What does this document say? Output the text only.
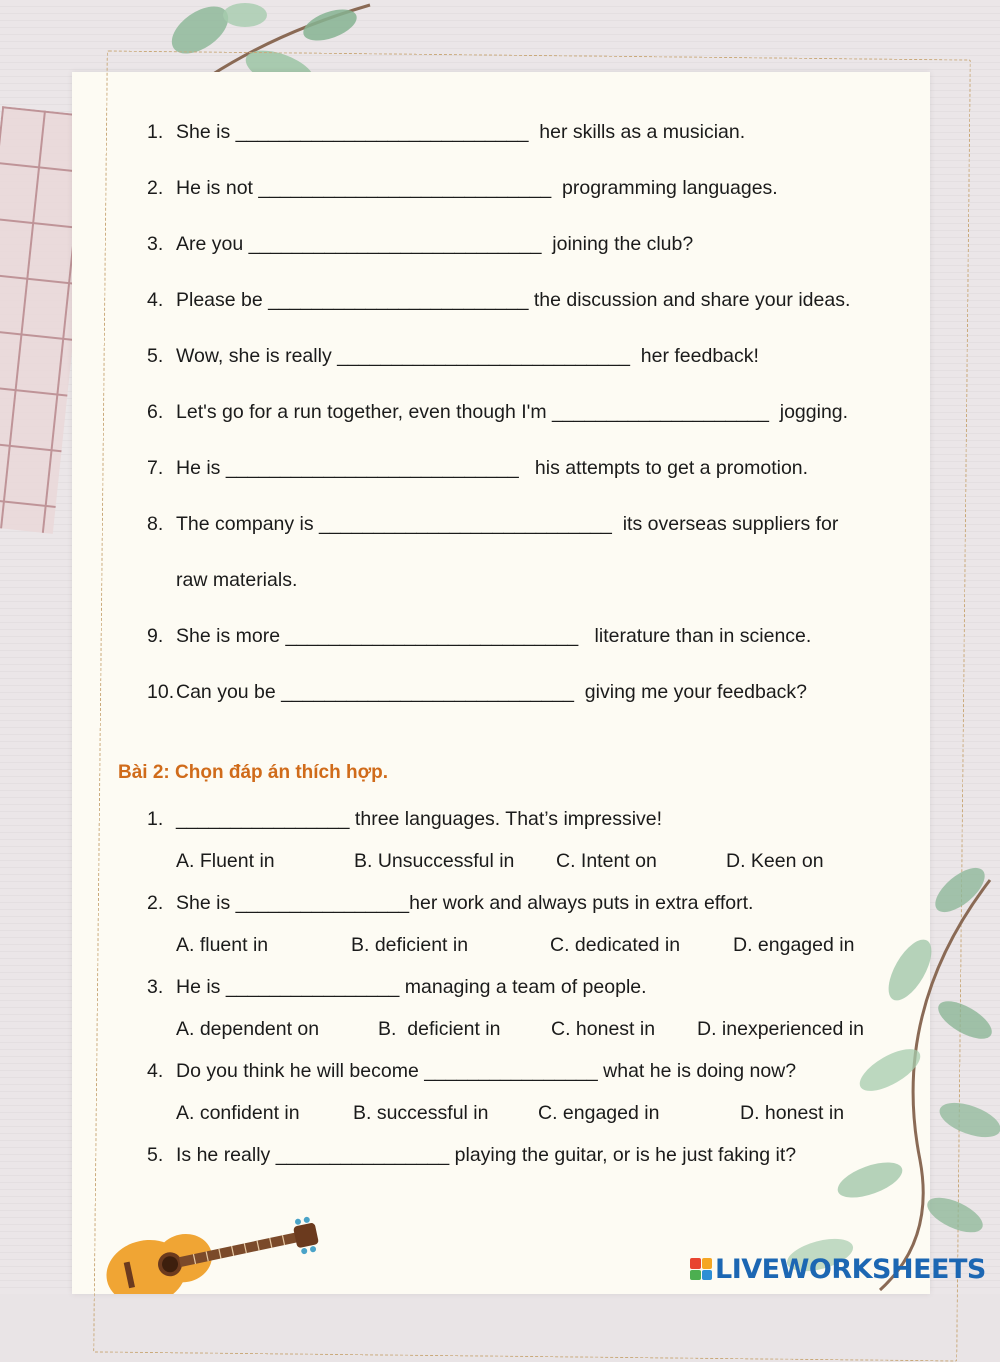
1. She is ___________________________  her skills as a musician.
2. He is not ___________________________  programming languages.
3. Are you ___________________________  joining the club?
4. Please be ________________________ the discussion and share your ideas.
5. Wow, she is really ___________________________  her feedback!
6. Let's go for a run together, even though I'm ____________________  jogging.
7. He is ___________________________   his attempts to get a promotion.
8. The company is ___________________________  its overseas suppliers for
raw materials.
9. She is more ___________________________   literature than in science.
10.Can you be ___________________________  giving me your feedback?
Bài 2: Chọn đáp án thích hợp.
1. ________________ three languages. That’s impressive!
A. Fluent in	B. Unsuccessful in C. Intent on	D. Keen on
2. She is ________________her work and always puts in extra effort.
A. fluent in	B. deficient in	C. dedicated in	D. engaged in
3. He is ________________ managing a team of people.
A. dependent on	B.  deficient in	C. honest in D. inexperienced in
4. Do you think he will become ________________ what he is doing now?
A. confident in	B. successful in	C. engaged in	D. honest in
5. Is he really ________________ playing the guitar, or is he just faking it?
LIVEWORKSHEETS
